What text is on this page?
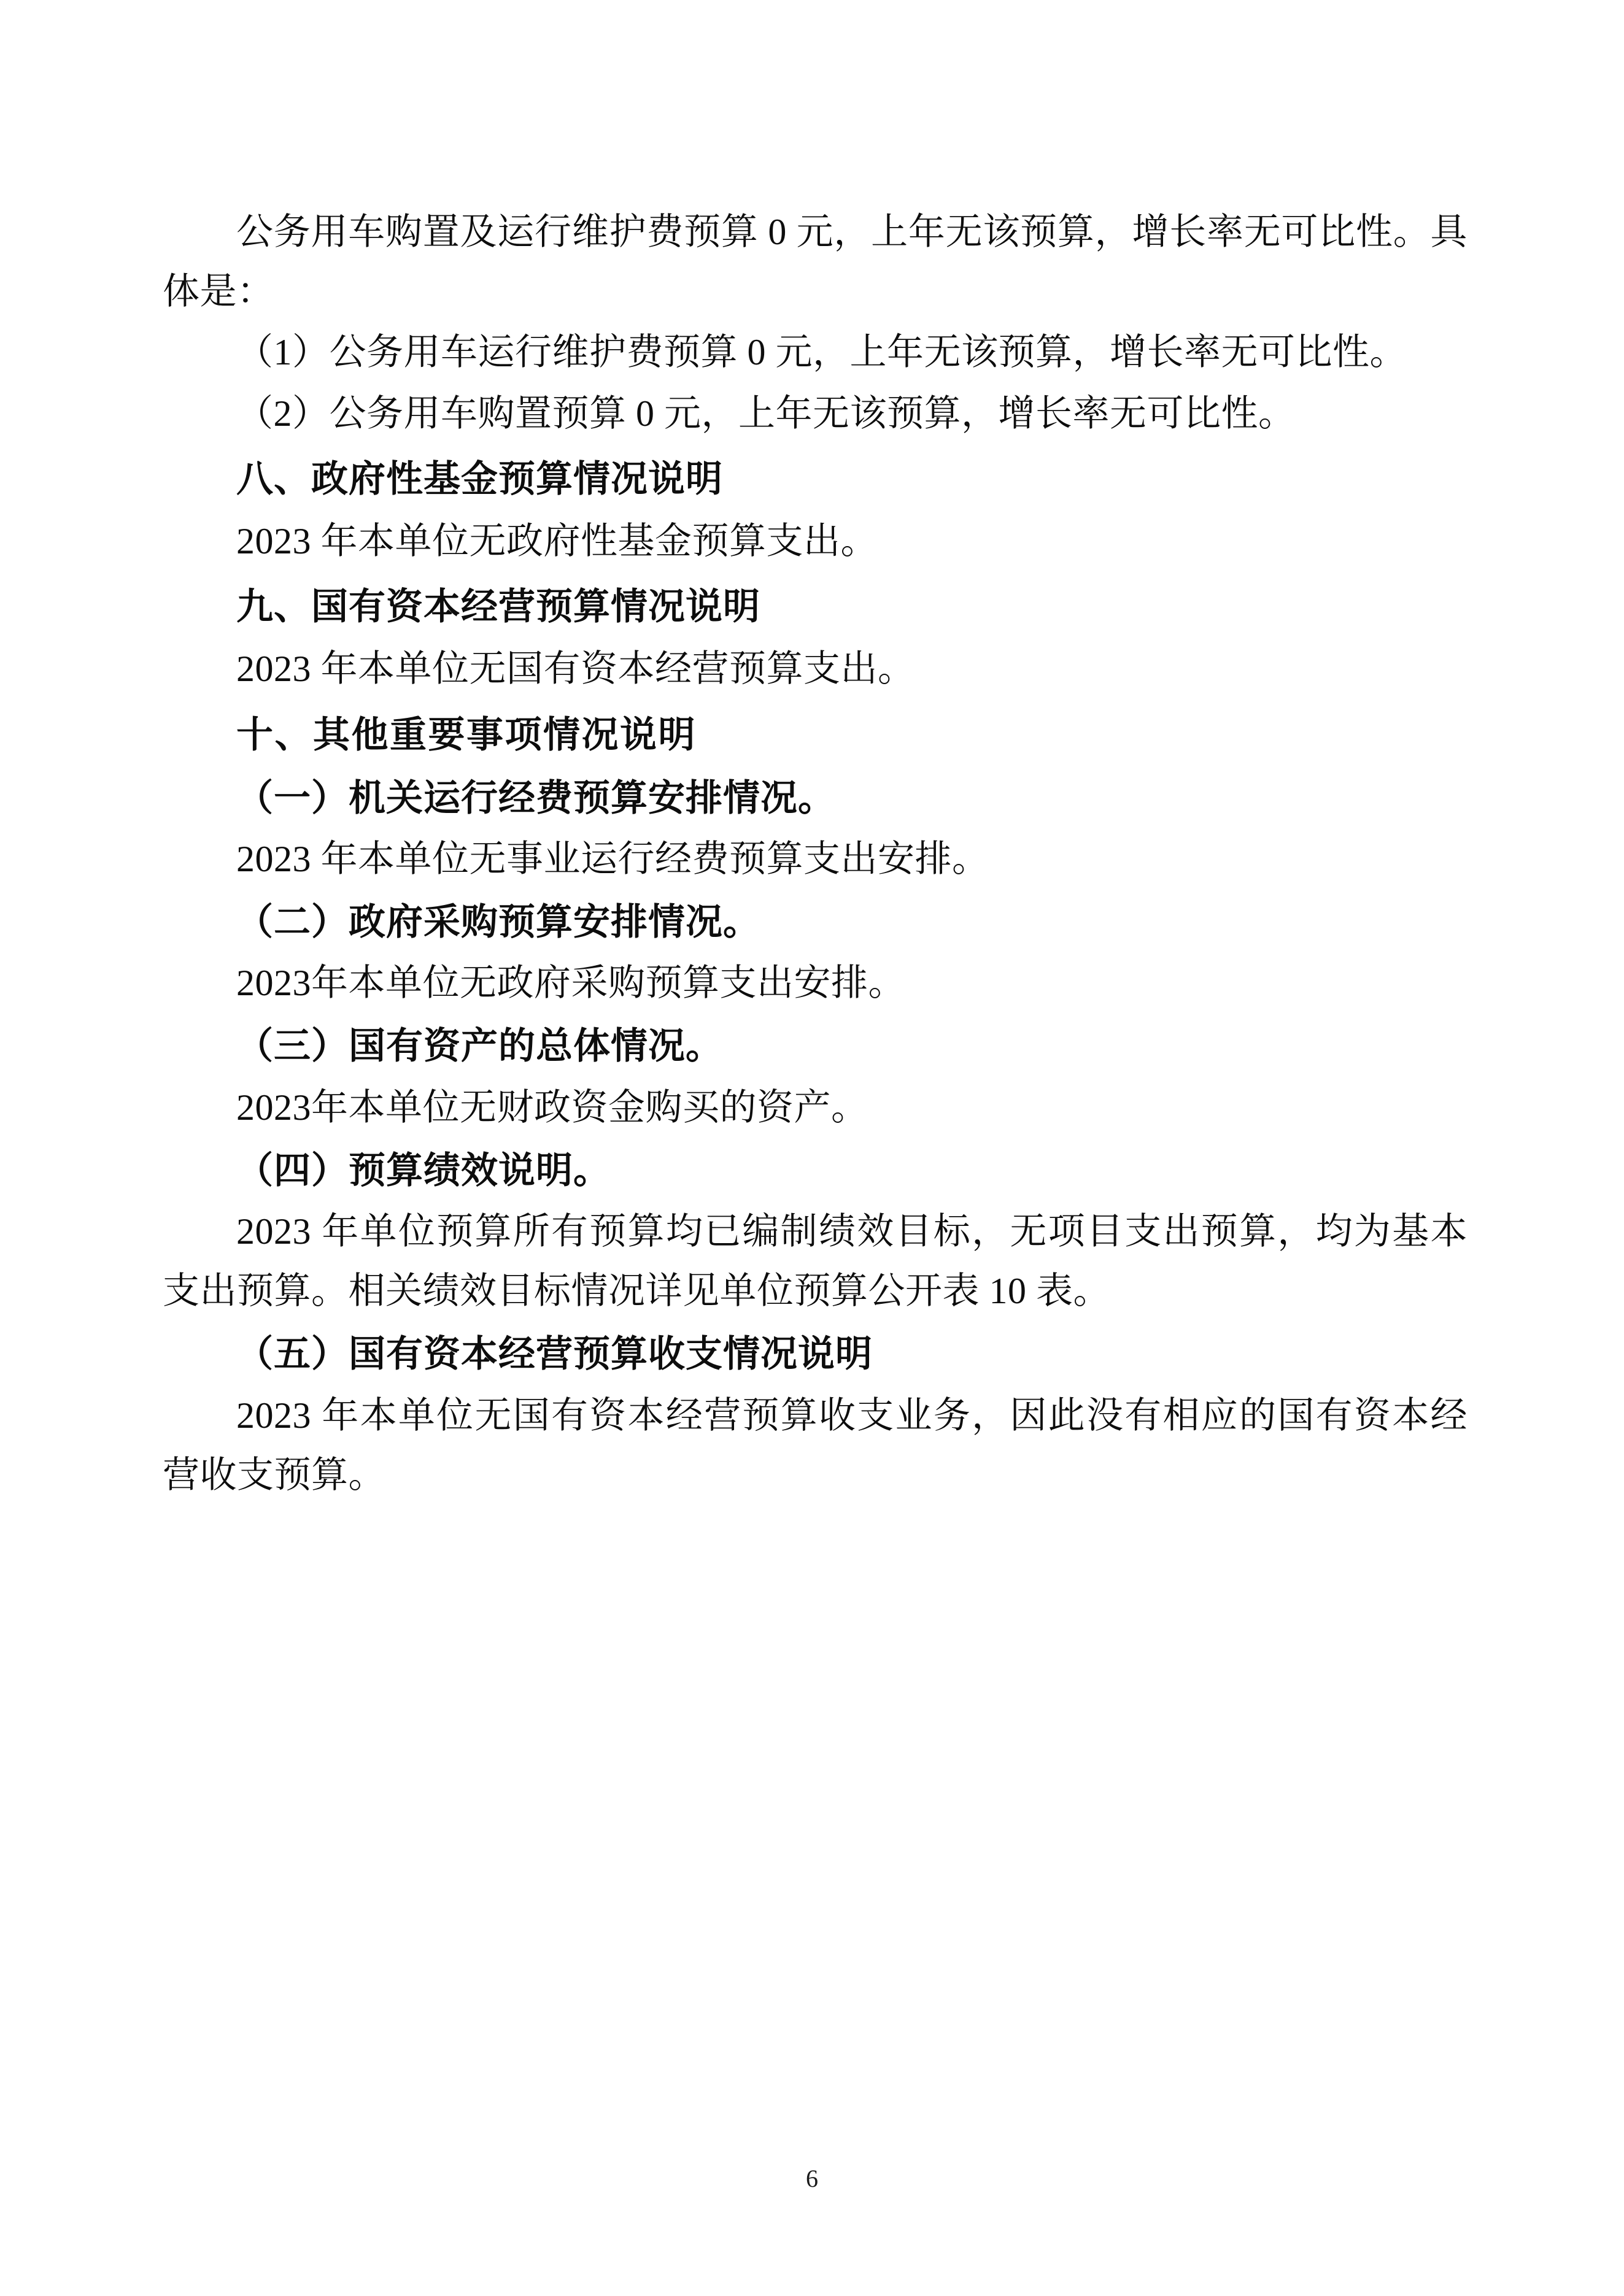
公务用车购置及运行维护费预算 0 元，上年无该预算，增长率无可比性。具体是：

（1）公务用车运行维护费预算 0 元，上年无该预算，增长率无可比性。

（2）公务用车购置预算 0 元，上年无该预算，增长率无可比性。

八、政府性基金预算情况说明

2023 年本单位无政府性基金预算支出。

九、国有资本经营预算情况说明

2023 年本单位无国有资本经营预算支出。

十、其他重要事项情况说明

（一）机关运行经费预算安排情况。

2023 年本单位无事业运行经费预算支出安排。

（二）政府采购预算安排情况。

2023年本单位无政府采购预算支出安排。

（三）国有资产的总体情况。

2023年本单位无财政资金购买的资产。

（四）预算绩效说明。

2023 年单位预算所有预算均已编制绩效目标，无项目支出预算，均为基本支出预算。相关绩效目标情况详见单位预算公开表 10 表。

（五）国有资本经营预算收支情况说明

2023 年本单位无国有资本经营预算收支业务，因此没有相应的国有资本经营收支预算。

6
